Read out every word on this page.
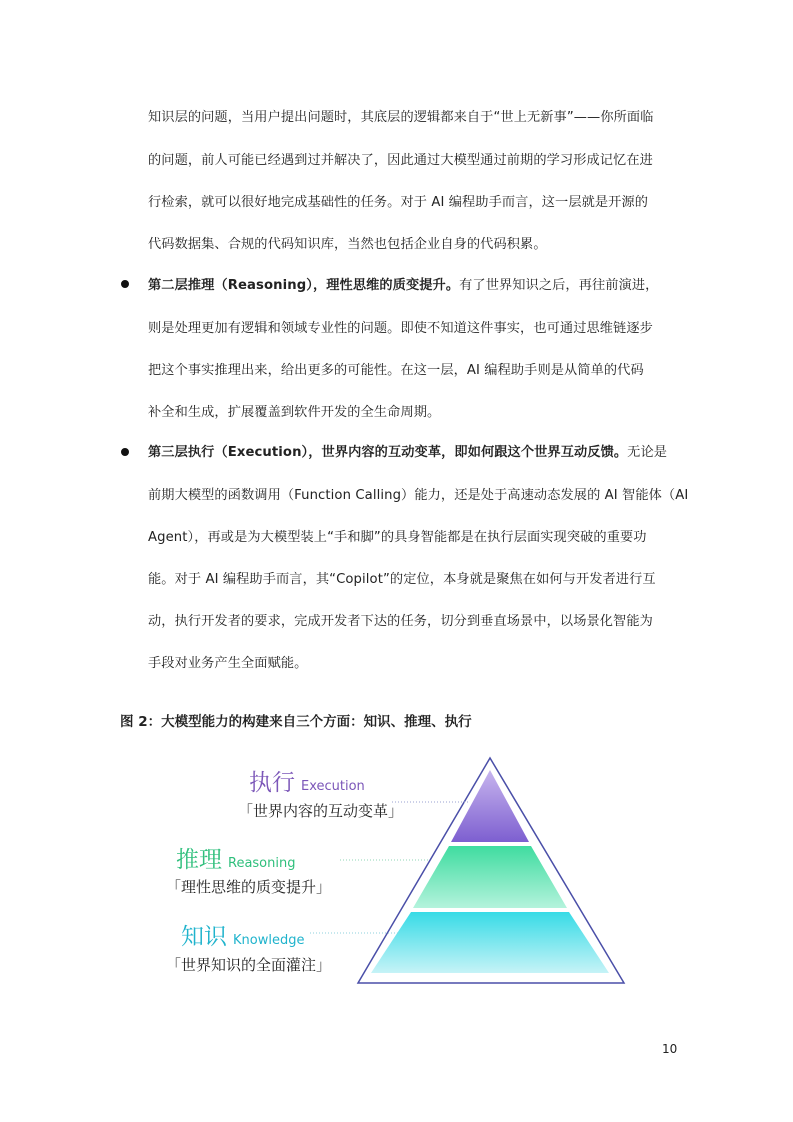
知识层的问题，当用户提出问题时，其底层的逻辑都来自于“世上无新事”——你所面临
的问题，前人可能已经遇到过并解决了，因此通过大模型通过前期的学习形成记忆在进
行检索，就可以很好地完成基础性的任务。对于 AI 编程助手而言，这一层就是开源的
代码数据集、合规的代码知识库，当然也包括企业自身的代码积累。
第二层推理（Reasoning），理性思维的质变提升。有了世界知识之后，再往前演进，
则是处理更加有逻辑和领域专业性的问题。即使不知道这件事实，也可通过思维链逐步
把这个事实推理出来，给出更多的可能性。在这一层，AI 编程助手则是从简单的代码
补全和生成，扩展覆盖到软件开发的全生命周期。
第三层执行（Execution），世界内容的互动变革，即如何跟这个世界互动反馈。无论是
前期大模型的函数调用（Function Calling）能力，还是处于高速动态发展的 AI 智能体（AI
Agent），再或是为大模型装上“手和脚”的具身智能都是在执行层面实现突破的重要功
能。对于 AI 编程助手而言，其“Copilot”的定位，本身就是聚焦在如何与开发者进行互
动，执行开发者的要求，完成开发者下达的任务，切分到垂直场景中，以场景化智能为
手段对业务产生全面赋能。
图 2：大模型能力的构建来自三个方面：知识、推理、执行
执行 Execution
「世界内容的互动变革」
推理 Reasoning
「理性思维的质变提升」
知识 Knowledge
「世界知识的全面灌注」
10
